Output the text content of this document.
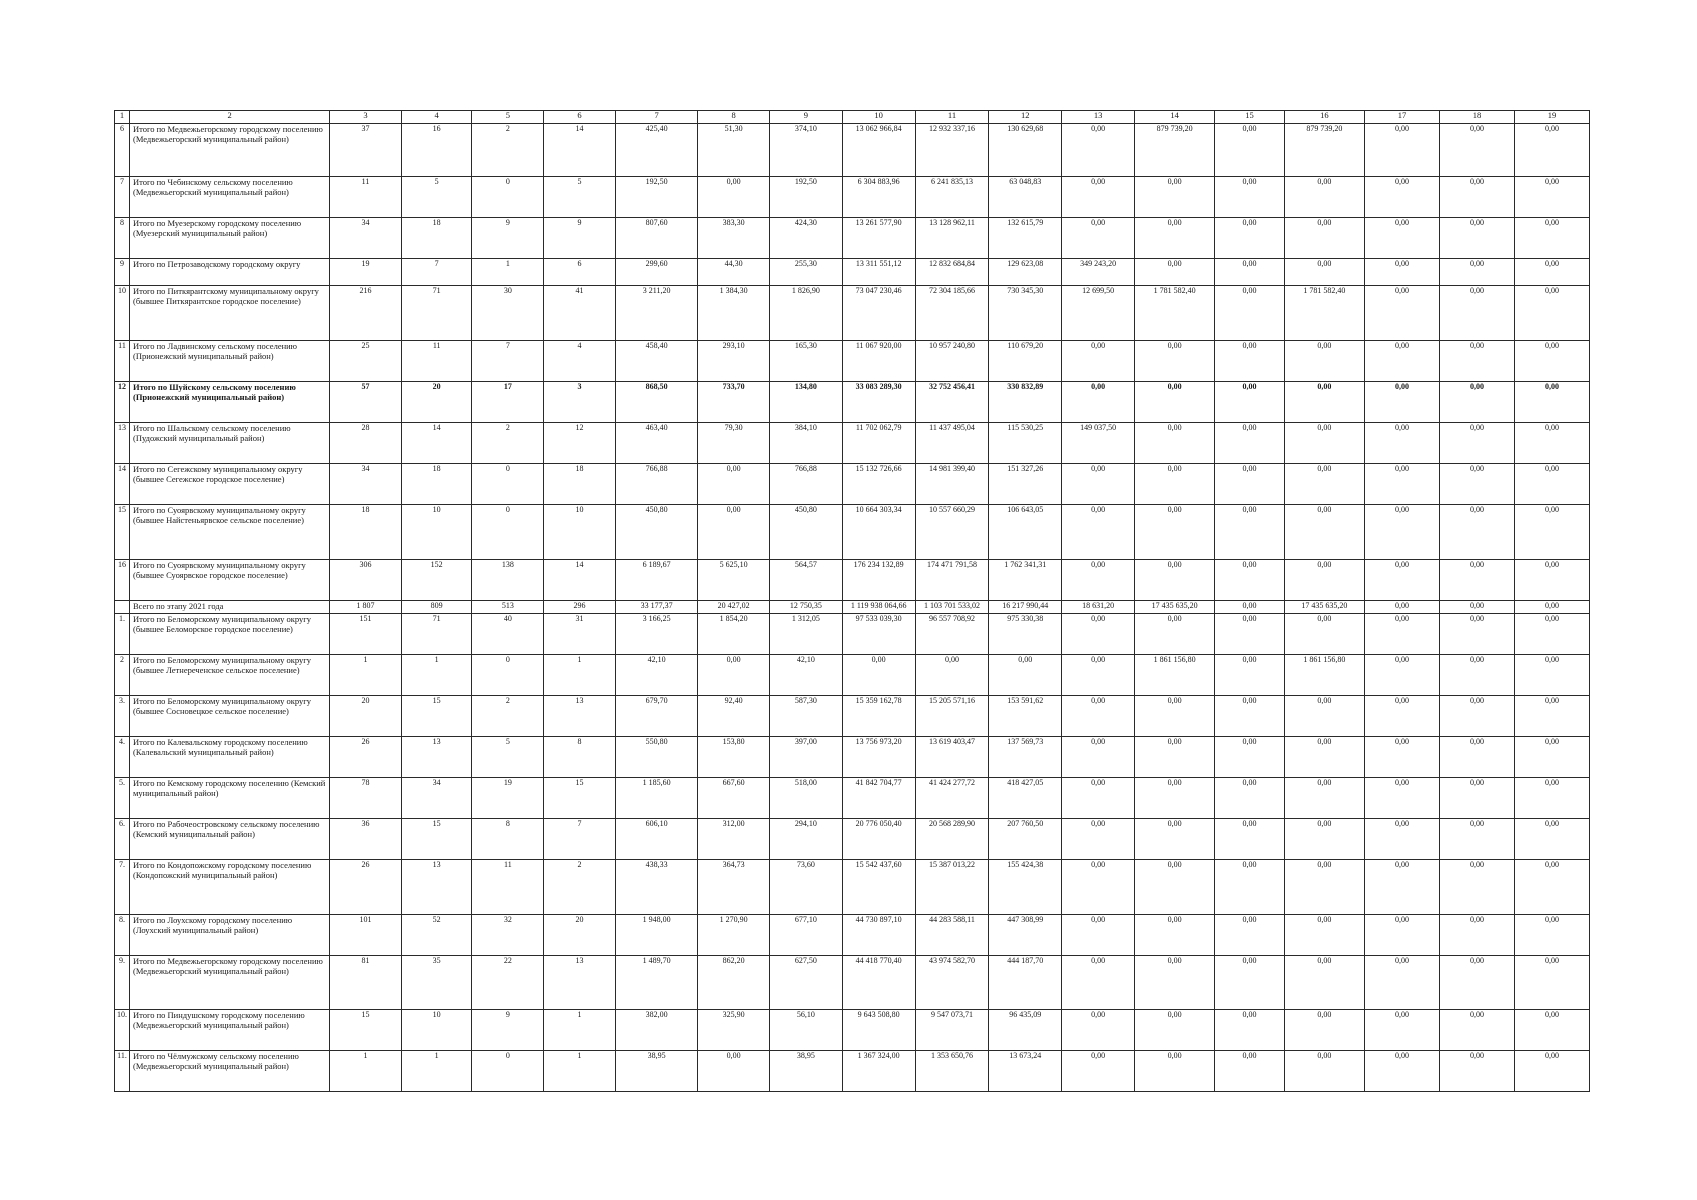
1	2	3	4	5	6	7	8	9	10	11	12	13	14	15	16	17	18	19
6	Итого по Медвежьегорскому городскому поселению (Медвежьегорский муниципальный район)	37	16	2	14	425,40	51,30	374,10	13 062 966,84	12 932 337,16	130 629,68	0,00	879 739,20	0,00	879 739,20	0,00	0,00	0,00
7	Итого по Чебинскому сельскому поселению (Медвежьегорский муниципальный район)	11	5	0	5	192,50	0,00	192,50	6 304 883,96	6 241 835,13	63 048,83	0,00	0,00	0,00	0,00	0,00	0,00	0,00
8	Итого по Муезерскому городскому поселению (Муезерский муниципальный район)	34	18	9	9	807,60	383,30	424,30	13 261 577,90	13 128 962,11	132 615,79	0,00	0,00	0,00	0,00	0,00	0,00	0,00
9	Итого по Петрозаводскому городскому округу	19	7	1	6	299,60	44,30	255,30	13 311 551,12	12 832 684,84	129 623,08	349 243,20	0,00	0,00	0,00	0,00	0,00	0,00
10	Итого по Питкярантскому муниципальному округу (бывшее Питкярантское городское поселение)	216	71	30	41	3 211,20	1 384,30	1 826,90	73 047 230,46	72 304 185,66	730 345,30	12 699,50	1 781 582,40	0,00	1 781 582,40	0,00	0,00	0,00
11	Итого по Ладвинскому сельскому поселению (Прионежский муниципальный район)	25	11	7	4	458,40	293,10	165,30	11 067 920,00	10 957 240,80	110 679,20	0,00	0,00	0,00	0,00	0,00	0,00	0,00
12	Итого по Шуйскому сельскому поселению (Прионежский муниципальный район)	57	20	17	3	868,50	733,70	134,80	33 083 289,30	32 752 456,41	330 832,89	0,00	0,00	0,00	0,00	0,00	0,00	0,00
13	Итого по Шальскому сельскому поселению (Пудожский муниципальный район)	28	14	2	12	463,40	79,30	384,10	11 702 062,79	11 437 495,04	115 530,25	149 037,50	0,00	0,00	0,00	0,00	0,00	0,00
14	Итого по Сегежскому муниципальному округу (бывшее Сегежское городское поселение)	34	18	0	18	766,88	0,00	766,88	15 132 726,66	14 981 399,40	151 327,26	0,00	0,00	0,00	0,00	0,00	0,00	0,00
15	Итого по Суоярвскому муниципальному округу (бывшее Найстеньярвское сельское поселение)	18	10	0	10	450,80	0,00	450,80	10 664 303,34	10 557 660,29	106 643,05	0,00	0,00	0,00	0,00	0,00	0,00	0,00
16	Итого по Суоярвскому муниципальному округу (бывшее Суоярвское городское поселение)	306	152	138	14	6 189,67	5 625,10	564,57	176 234 132,89	174 471 791,58	1 762 341,31	0,00	0,00	0,00	0,00	0,00	0,00	0,00
	Всего по этапу 2021 года	1 807	809	513	296	33 177,37	20 427,02	12 750,35	1 119 938 064,66	1 103 701 533,02	16 217 990,44	18 631,20	17 435 635,20	0,00	17 435 635,20	0,00	0,00	0,00
1.	Итого по Беломорскому муниципальному округу (бывшее Беломорское городское поселение)	151	71	40	31	3 166,25	1 854,20	1 312,05	97 533 039,30	96 557 708,92	975 330,38	0,00	0,00	0,00	0,00	0,00	0,00	0,00
2	Итого по Беломорскому муниципальному округу (бывшее Летнереченское сельское поселение)	1	1	0	1	42,10	0,00	42,10	0,00	0,00	0,00	0,00	1 861 156,80	0,00	1 861 156,80	0,00	0,00	0,00
3.	Итого по Беломорскому муниципальному округу (бывшее Сосновецкое сельское поселение)	20	15	2	13	679,70	92,40	587,30	15 359 162,78	15 205 571,16	153 591,62	0,00	0,00	0,00	0,00	0,00	0,00	0,00
4.	Итого по Калевальскому городскому поселению (Калевальский муниципальный район)	26	13	5	8	550,80	153,80	397,00	13 756 973,20	13 619 403,47	137 569,73	0,00	0,00	0,00	0,00	0,00	0,00	0,00
5.	Итого по Кемскому городскому поселению (Кемский муниципальный район)	78	34	19	15	1 185,60	667,60	518,00	41 842 704,77	41 424 277,72	418 427,05	0,00	0,00	0,00	0,00	0,00	0,00	0,00
6.	Итого по Рабочеостровскому сельскому поселению (Кемский муниципальный район)	36	15	8	7	606,10	312,00	294,10	20 776 050,40	20 568 289,90	207 760,50	0,00	0,00	0,00	0,00	0,00	0,00	0,00
7.	Итого по Кондопожскому городскому поселению (Кондопожский муниципальный район)	26	13	11	2	438,33	364,73	73,60	15 542 437,60	15 387 013,22	155 424,38	0,00	0,00	0,00	0,00	0,00	0,00	0,00
8.	Итого по Лоухскому городскому поселению (Лоухский муниципальный район)	101	52	32	20	1 948,00	1 270,90	677,10	44 730 897,10	44 283 588,11	447 308,99	0,00	0,00	0,00	0,00	0,00	0,00	0,00
9.	Итого по Медвежьегорскому городскому поселению (Медвежьегорский муниципальный район)	81	35	22	13	1 489,70	862,20	627,50	44 418 770,40	43 974 582,70	444 187,70	0,00	0,00	0,00	0,00	0,00	0,00	0,00
10.	Итого по Пиндушскому городскому поселению (Медвежьегорский муниципальный район)	15	10	9	1	382,00	325,90	56,10	9 643 508,80	9 547 073,71	96 435,09	0,00	0,00	0,00	0,00	0,00	0,00	0,00
11.	Итого по Чёлмужскому сельскому поселению (Медвежьегорский муниципальный район)	1	1	0	1	38,95	0,00	38,95	1 367 324,00	1 353 650,76	13 673,24	0,00	0,00	0,00	0,00	0,00	0,00	0,00
